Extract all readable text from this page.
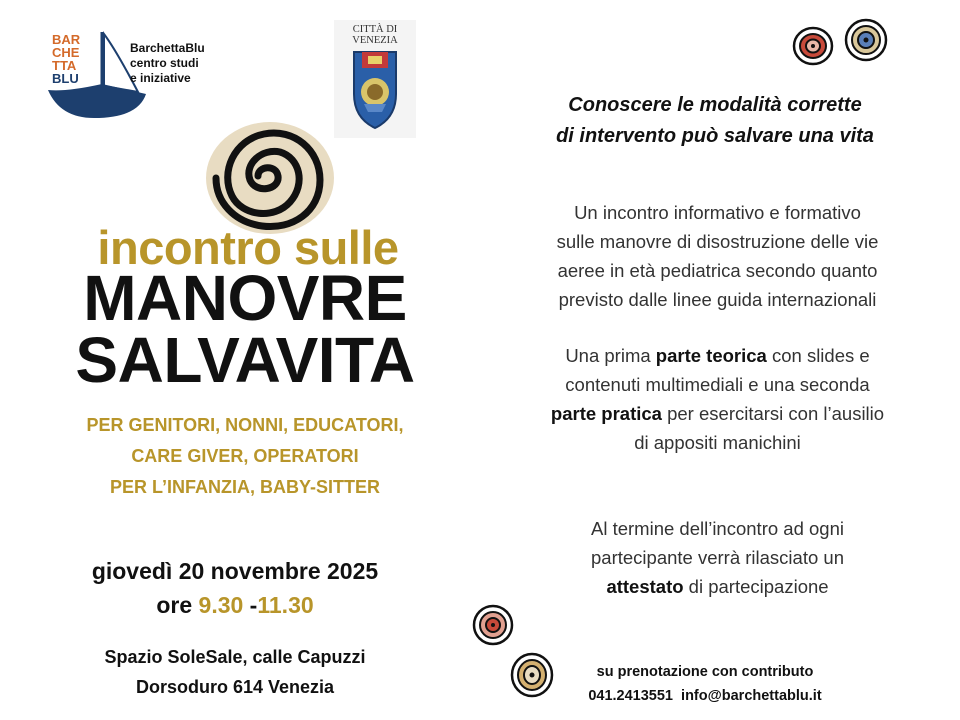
BAR
CHE
TTA
BLU
BarchettaBlu
centro studi
e iniziative
CITTÀ DI
VENEZIA
incontro sulle
MANOVRE
SALVAVITA
PER GENITORI, NONNI, EDUCATORI,
CARE GIVER, OPERATORI
PER L’INFANZIA, BABY-SITTER
giovedì 20 novembre 2025
ore 9.30 -11.30
Spazio SoleSale, calle Capuzzi
Dorsoduro 614 Venezia
Conoscere le modalità corrette
di intervento può salvare una vita
Un incontro informativo e formativo
sulle manovre di disostruzione delle vie
aeree in età pediatrica secondo quanto
previsto dalle linee guida internazionali
Una prima parte teorica con slides e
contenuti multimediali e una seconda
parte pratica per esercitarsi con l’ausilio
di appositi manichini
Al termine dell’incontro ad ogni
partecipante verrà rilasciato un
attestato di partecipazione
su prenotazione con contributo
041.2413551 info@barchettablu.it
